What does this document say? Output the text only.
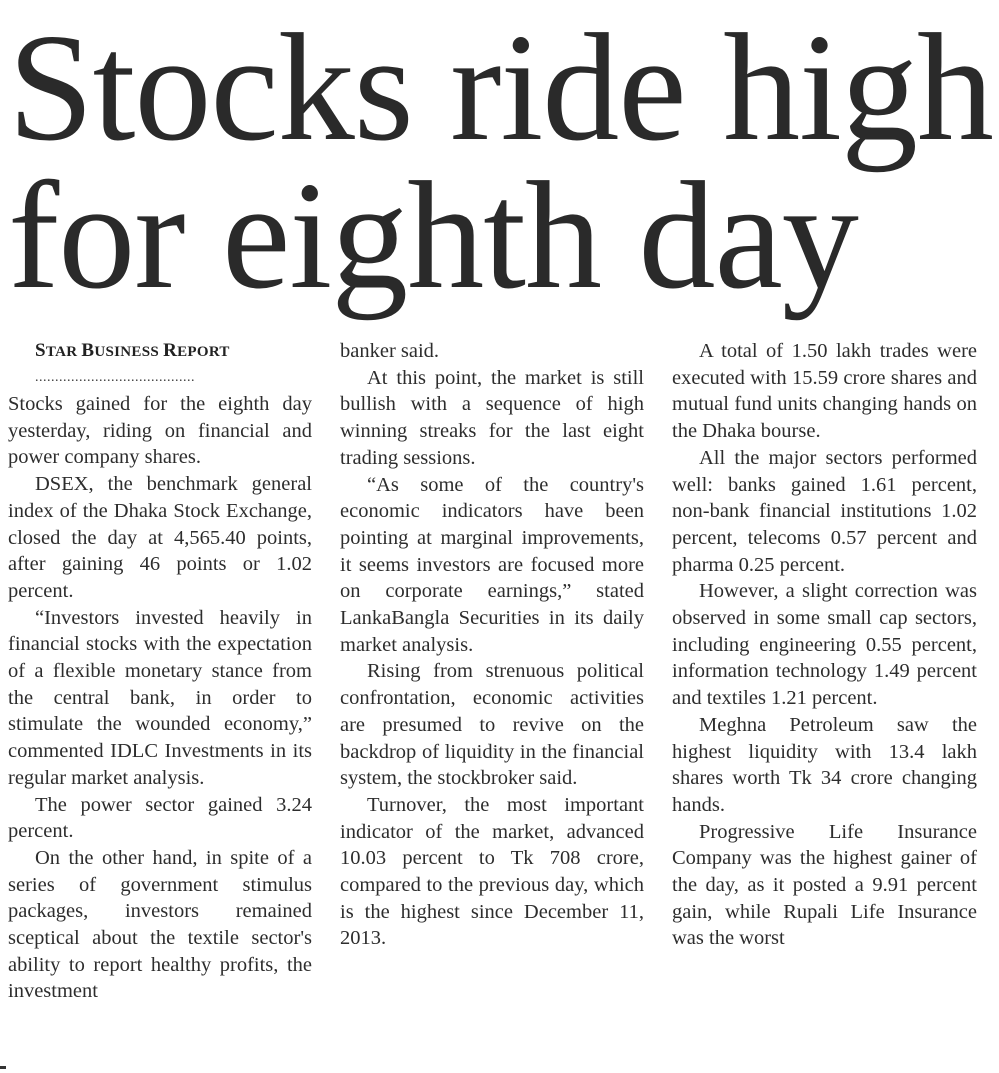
Stocks ride high
for eighth day

STAR BUSINESS REPORT

........................................

Stocks gained for the eighth day yesterday, riding on financial and power company shares.

DSEX, the benchmark general index of the Dhaka Stock Exchange, closed the day at 4,565.40 points, after gaining 46 points or 1.02 percent.

“Investors invested heavily in financial stocks with the expectation of a flexible monetary stance from the central bank, in order to stimulate the wounded economy,” commented IDLC Investments in its regular market analysis.

The power sector gained 3.24 percent.

On the other hand, in spite of a series of government stimulus packages, investors remained sceptical about the textile sector's ability to report healthy profits, the investment

banker said.

At this point, the market is still bullish with a sequence of high winning streaks for the last eight trading sessions.

“As some of the country's economic indicators have been pointing at marginal improvements, it seems investors are focused more on corporate earnings,” stated LankaBangla Securities in its daily market analysis.

Rising from strenuous political confrontation, economic activities are presumed to revive on the backdrop of liquidity in the financial system, the stockbroker said.

Turnover, the most important indicator of the market, advanced 10.03 percent to Tk 708 crore, compared to the previous day, which is the highest since December 11, 2013.

A total of 1.50 lakh trades were executed with 15.59 crore shares and mutual fund units changing hands on the Dhaka bourse.

All the major sectors performed well: banks gained 1.61 percent, non-bank financial institutions 1.02 percent, telecoms 0.57 percent and pharma 0.25 percent.

However, a slight correction was observed in some small cap sectors, including engineering 0.55 percent, information technology 1.49 percent and textiles 1.21 percent.

Meghna Petroleum saw the highest liquidity with 13.4 lakh shares worth Tk 34 crore changing hands.

Progressive Life Insurance Company was the highest gainer of the day, as it posted a 9.91 percent gain, while Rupali Life Insurance was the worst
